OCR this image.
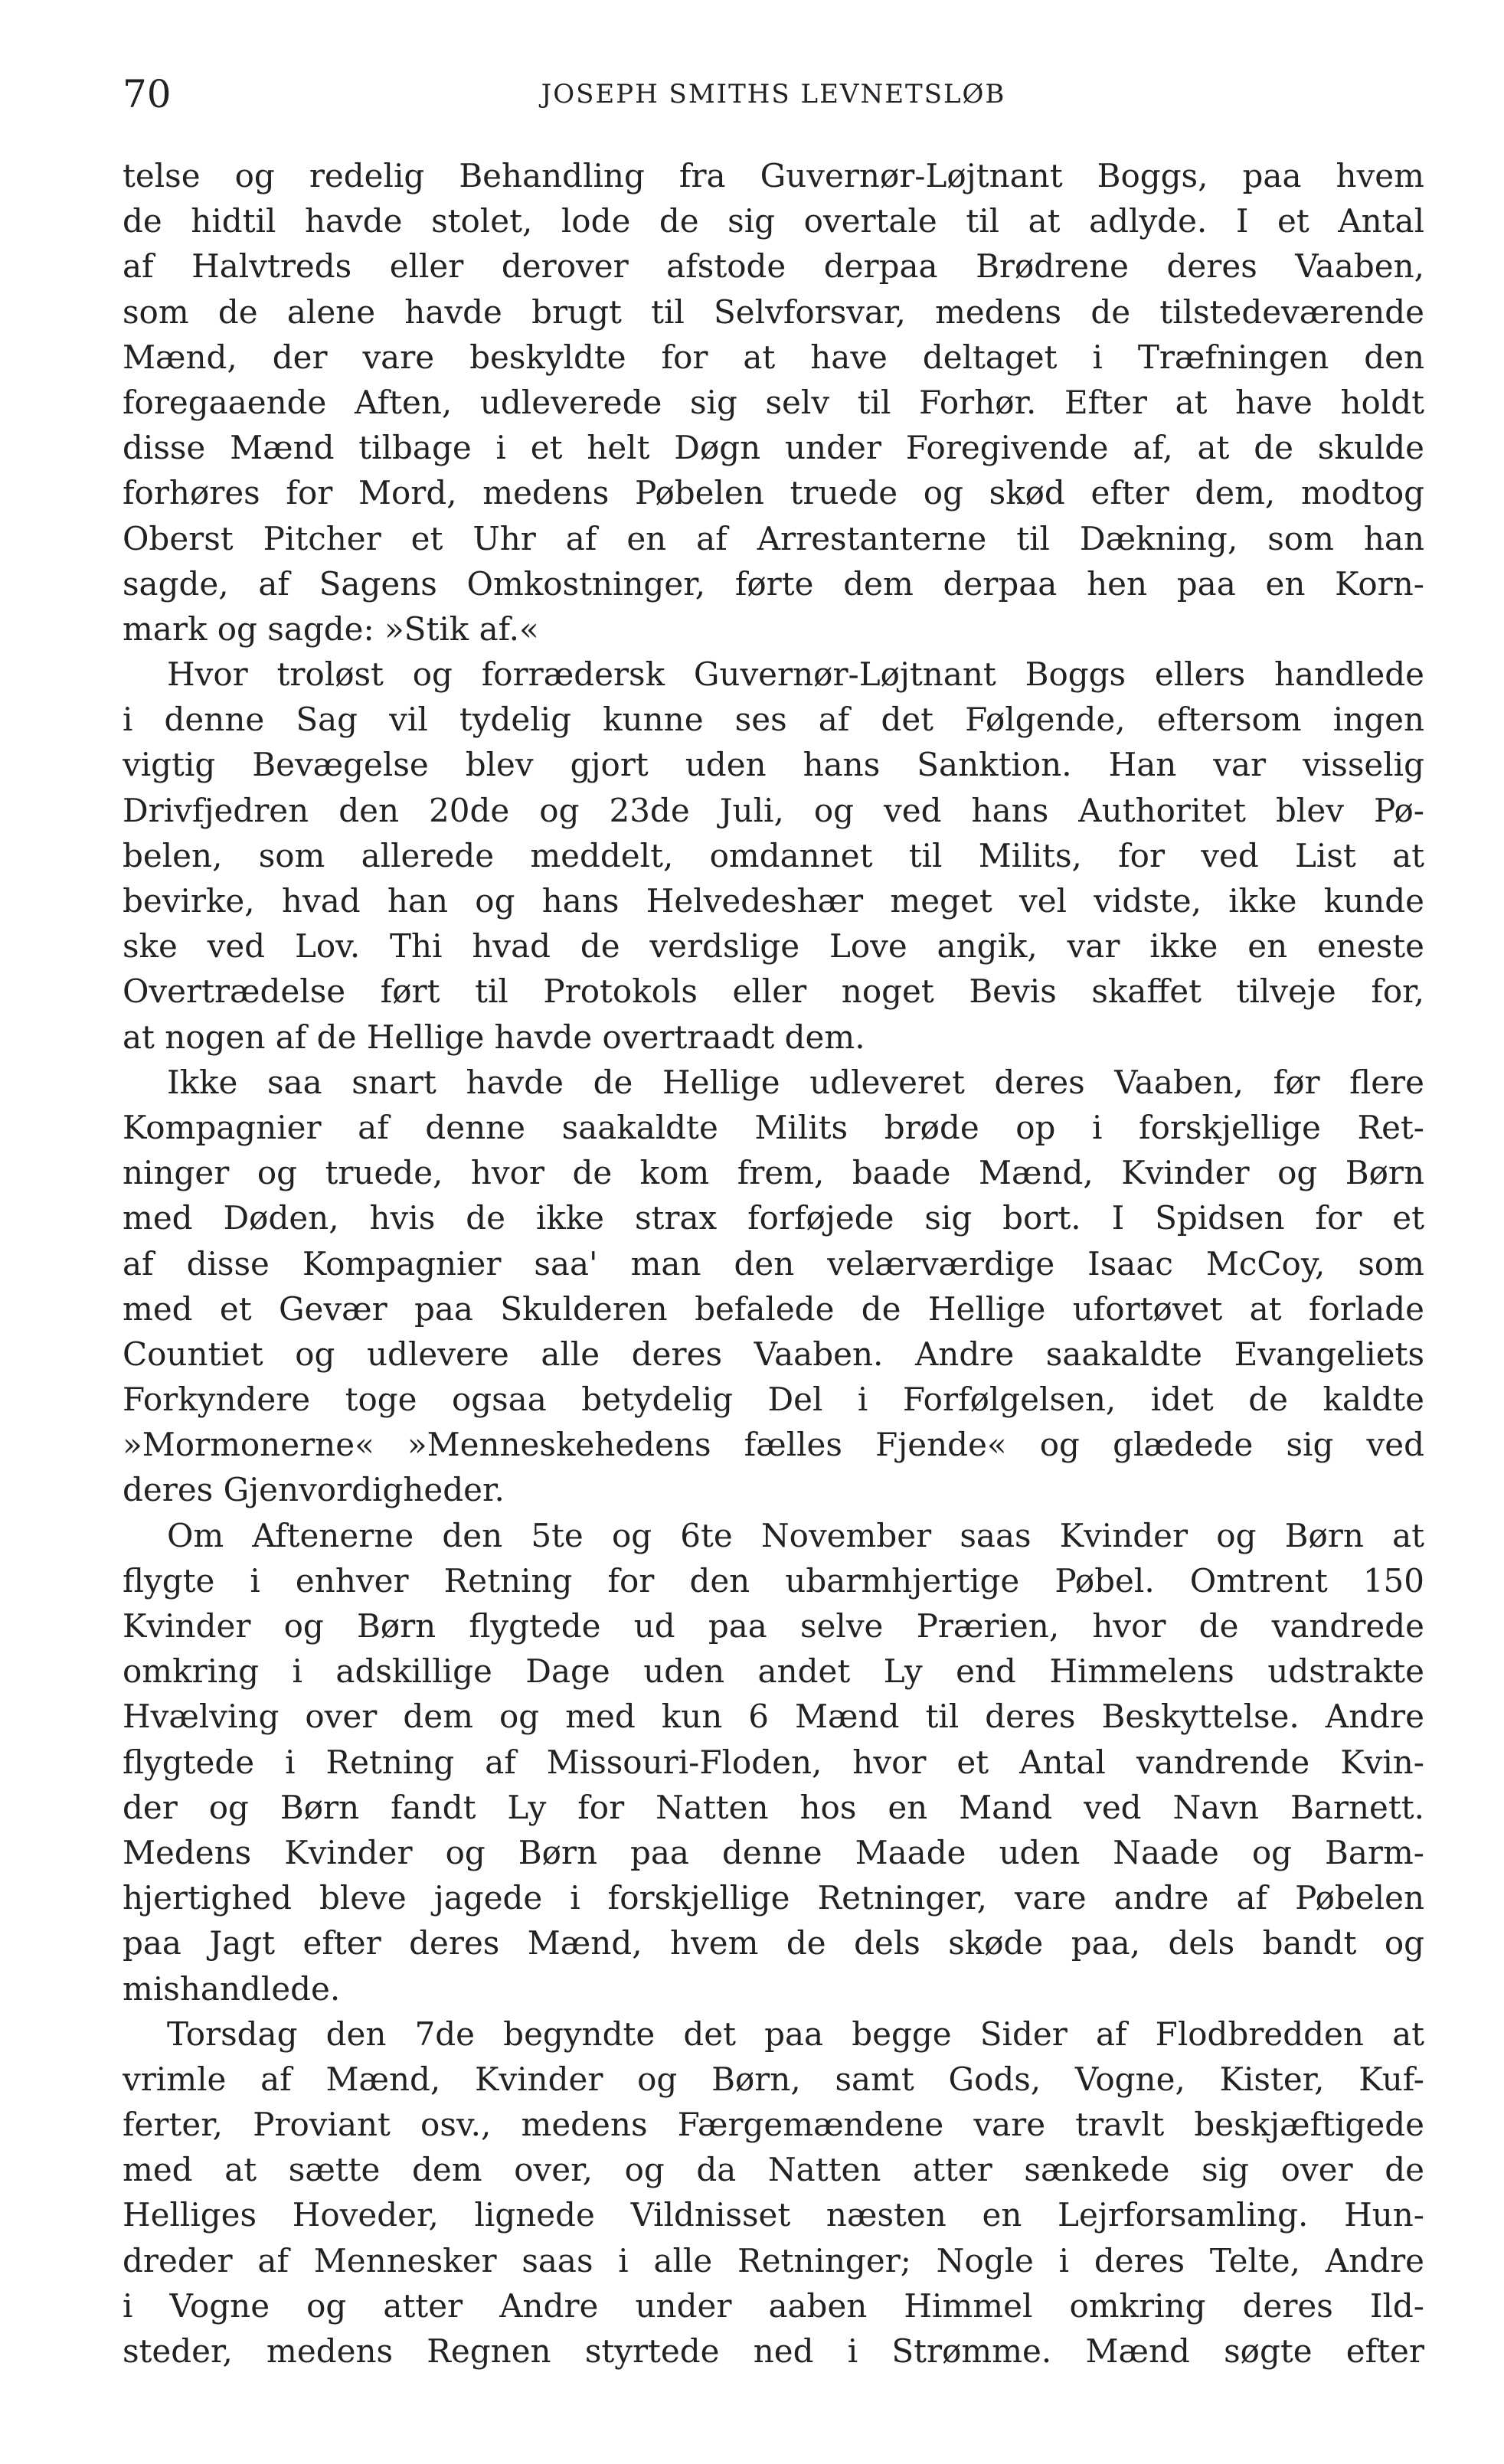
70	JOSEPH SMITHS LEVNETSLØB
telse og redelig Behandling fra Guvernør-Løjtnant Boggs, paa hvem
de hidtil havde stolet, lode de sig overtale til at adlyde. I et Antal
af Halvtreds eller derover afstode derpaa Brødrene deres Vaaben,
som de alene havde brugt til Selvforsvar, medens de tilstedeværende
Mænd, der vare beskyldte for at have deltaget i Træfningen den
foregaaende Aften, udleverede sig selv til Forhør. Efter at have holdt
disse Mænd tilbage i et helt Døgn under Foregivende af, at de skulde
forhøres for Mord, medens Pøbelen truede og skød efter dem, modtog
Oberst Pitcher et Uhr af en af Arrestanterne til Dækning, som han
sagde, af Sagens Omkostninger, førte dem derpaa hen paa en Korn-
mark og sagde: »Stik af.«
Hvor troløst og forrædersk Guvernør-Løjtnant Boggs ellers handlede
i denne Sag vil tydelig kunne ses af det Følgende, eftersom ingen
vigtig Bevægelse blev gjort uden hans Sanktion. Han var visselig
Drivfjedren den 20de og 23de Juli, og ved hans Authoritet blev Pø-
belen, som allerede meddelt, omdannet til Milits, for ved List at
bevirke, hvad han og hans Helvedeshær meget vel vidste, ikke kunde
ske ved Lov. Thi hvad de verdslige Love angik, var ikke en eneste
Overtrædelse ført til Protokols eller noget Bevis skaffet tilveje for,
at nogen af de Hellige havde overtraadt dem.
Ikke saa snart havde de Hellige udleveret deres Vaaben, før flere
Kompagnier af denne saakaldte Milits brøde op i forskjellige Ret-
ninger og truede, hvor de kom frem, baade Mænd, Kvinder og Børn
med Døden, hvis de ikke strax forføjede sig bort. I Spidsen for et
af disse Kompagnier saa' man den velærværdige Isaac McCoy, som
med et Gevær paa Skulderen befalede de Hellige ufortøvet at forlade
Countiet og udlevere alle deres Vaaben. Andre saakaldte Evangeliets
Forkyndere toge ogsaa betydelig Del i Forfølgelsen, idet de kaldte
»Mormonerne« »Menneskehedens fælles Fjende« og glædede sig ved
deres Gjenvordigheder.
Om Aftenerne den 5te og 6te November saas Kvinder og Børn at
flygte i enhver Retning for den ubarmhjertige Pøbel. Omtrent 150
Kvinder og Børn flygtede ud paa selve Prærien, hvor de vandrede
omkring i adskillige Dage uden andet Ly end Himmelens udstrakte
Hvælving over dem og med kun 6 Mænd til deres Beskyttelse. Andre
flygtede i Retning af Missouri-Floden, hvor et Antal vandrende Kvin-
der og Børn fandt Ly for Natten hos en Mand ved Navn Barnett.
Medens Kvinder og Børn paa denne Maade uden Naade og Barm-
hjertighed bleve jagede i forskjellige Retninger, vare andre af Pøbelen
paa Jagt efter deres Mænd, hvem de dels skøde paa, dels bandt og
mishandlede.
Torsdag den 7de begyndte det paa begge Sider af Flodbredden at
vrimle af Mænd, Kvinder og Børn, samt Gods, Vogne, Kister, Kuf-
ferter, Proviant osv., medens Færgemændene vare travlt beskjæftigede
med at sætte dem over, og da Natten atter sænkede sig over de
Helliges Hoveder, lignede Vildnisset næsten en Lejrforsamling. Hun-
dreder af Mennesker saas i alle Retninger; Nogle i deres Telte, Andre
i Vogne og atter Andre under aaben Himmel omkring deres Ild-
steder, medens Regnen styrtede ned i Strømme. Mænd søgte efter
